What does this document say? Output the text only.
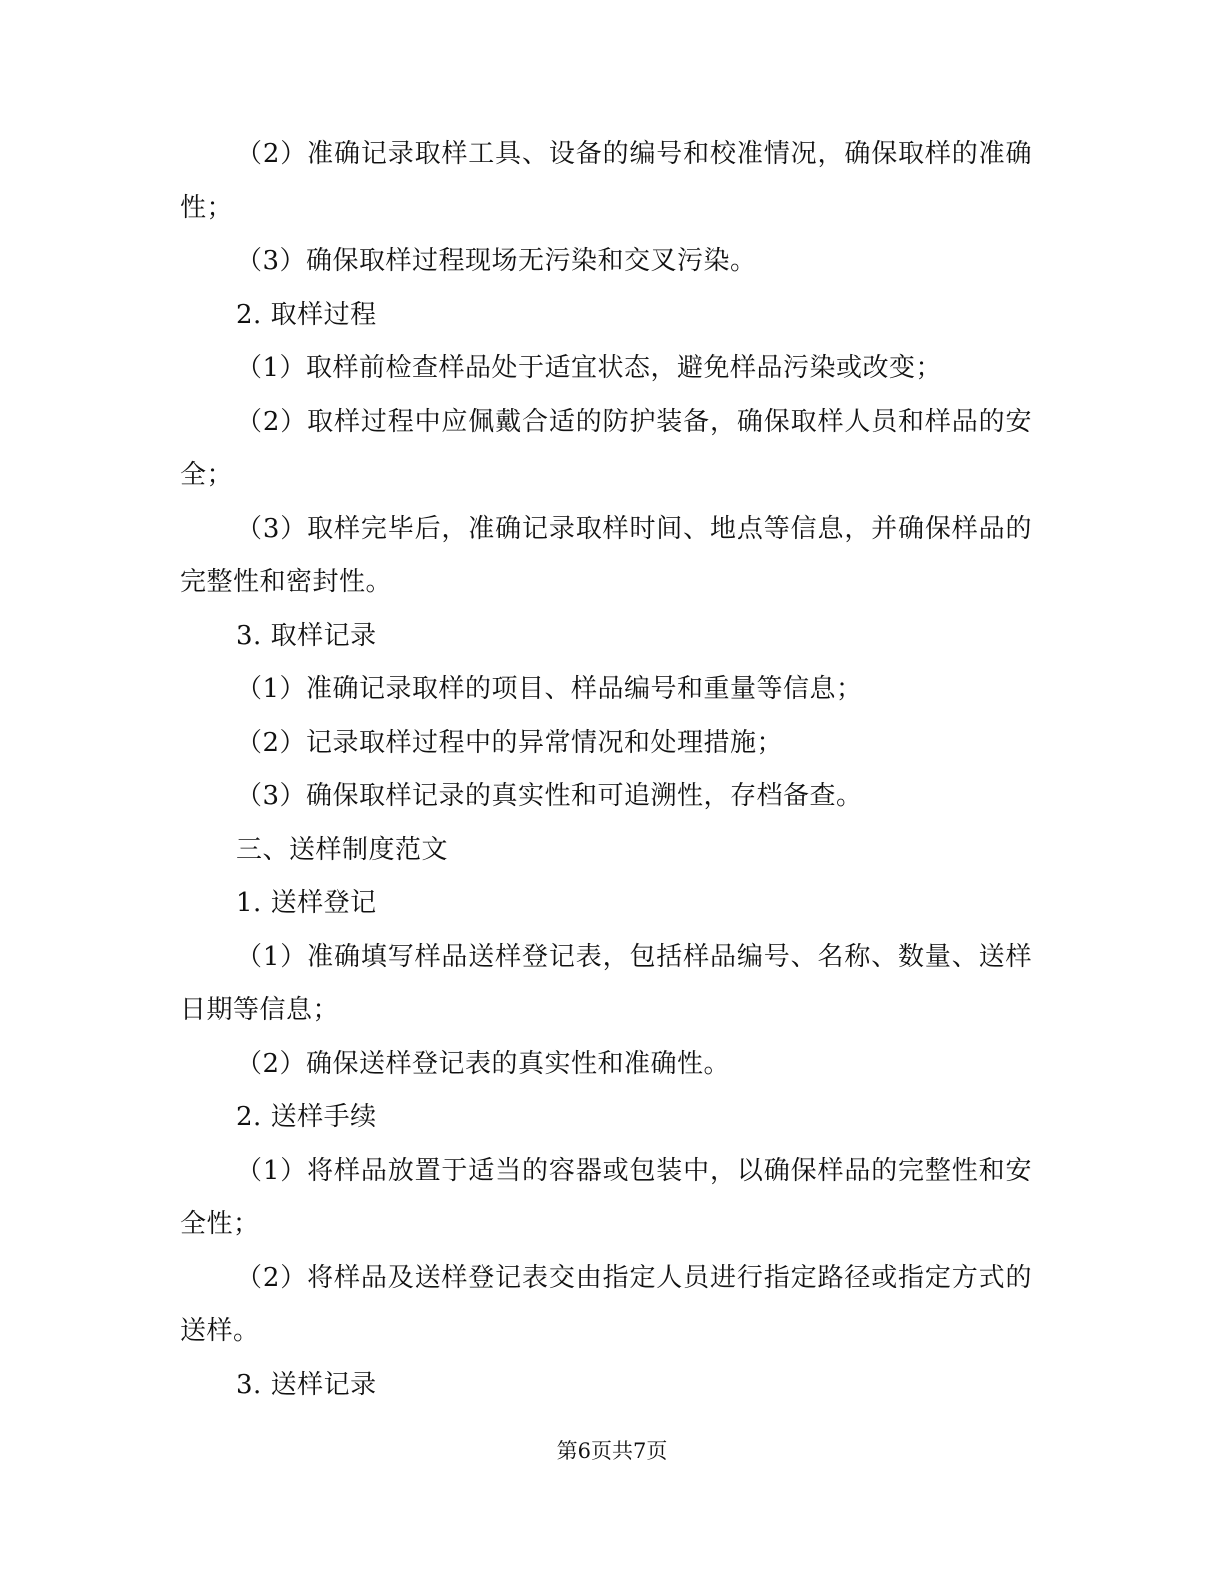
（2）准确记录取样工具、设备的编号和校准情况，确保取样的准确性；

（3）确保取样过程现场无污染和交叉污染。

2. 取样过程

（1）取样前检查样品处于适宜状态，避免样品污染或改变；

（2）取样过程中应佩戴合适的防护装备，确保取样人员和样品的安全；

（3）取样完毕后，准确记录取样时间、地点等信息，并确保样品的完整性和密封性。

3. 取样记录

（1）准确记录取样的项目、样品编号和重量等信息；

（2）记录取样过程中的异常情况和处理措施；

（3）确保取样记录的真实性和可追溯性，存档备查。

三、送样制度范文

1. 送样登记

（1）准确填写样品送样登记表，包括样品编号、名称、数量、送样日期等信息；

（2）确保送样登记表的真实性和准确性。

2. 送样手续

（1）将样品放置于适当的容器或包装中，以确保样品的完整性和安全性；

（2）将样品及送样登记表交由指定人员进行指定路径或指定方式的送样。

3. 送样记录

第6页共7页
